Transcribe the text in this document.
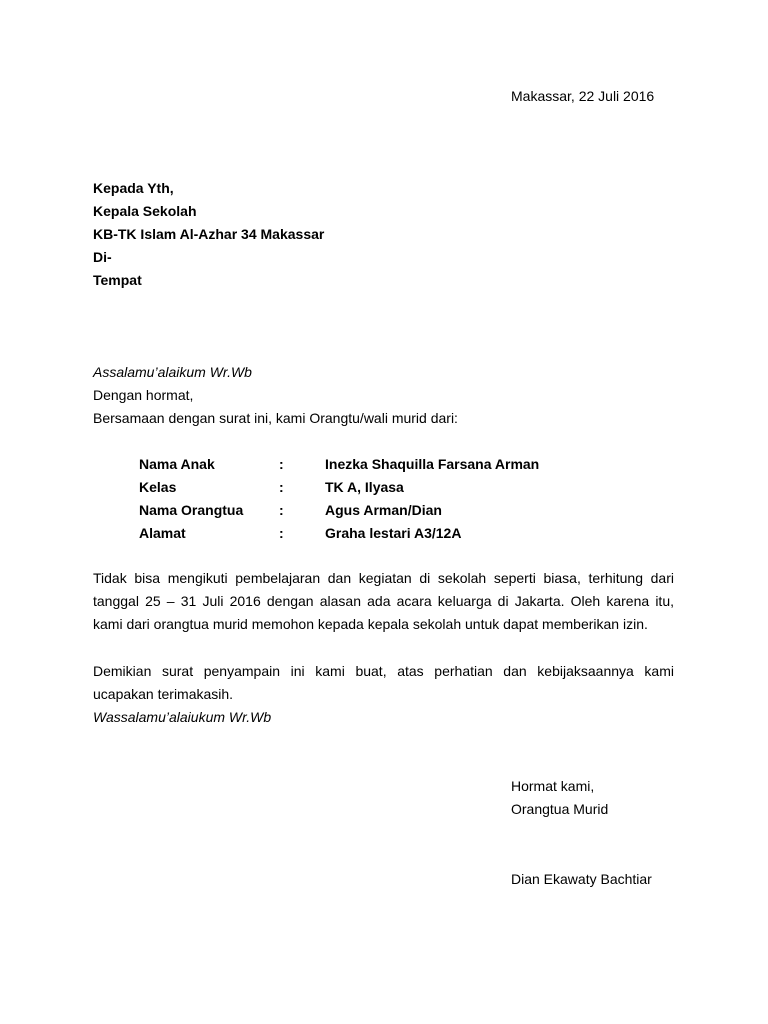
Makassar, 22 Juli 2016
Kepada Yth,
Kepala Sekolah
KB-TK Islam Al-Azhar 34 Makassar
Di-
Tempat
Assalamu’alaikum Wr.Wb
Dengan hormat,
Bersamaan dengan surat ini, kami Orangtu/wali murid dari:
Nama Anak	:	Inezka Shaquilla Farsana Arman
Kelas	:	TK A, Ilyasa
Nama Orangtua	:	Agus Arman/Dian
Alamat	:	Graha lestari A3/12A
Tidak bisa mengikuti pembelajaran dan kegiatan di sekolah seperti biasa, terhitung dari
tanggal 25 – 31 Juli 2016 dengan alasan ada acara keluarga di Jakarta. Oleh karena itu,
kami dari orangtua murid memohon kepada kepala sekolah untuk dapat memberikan izin.
Demikian surat penyampain ini kami buat, atas perhatian dan kebijaksaannya kami
ucapakan terimakasih.
Wassalamu’alaiukum Wr.Wb
Hormat kami,
Orangtua Murid
Dian Ekawaty Bachtiar
